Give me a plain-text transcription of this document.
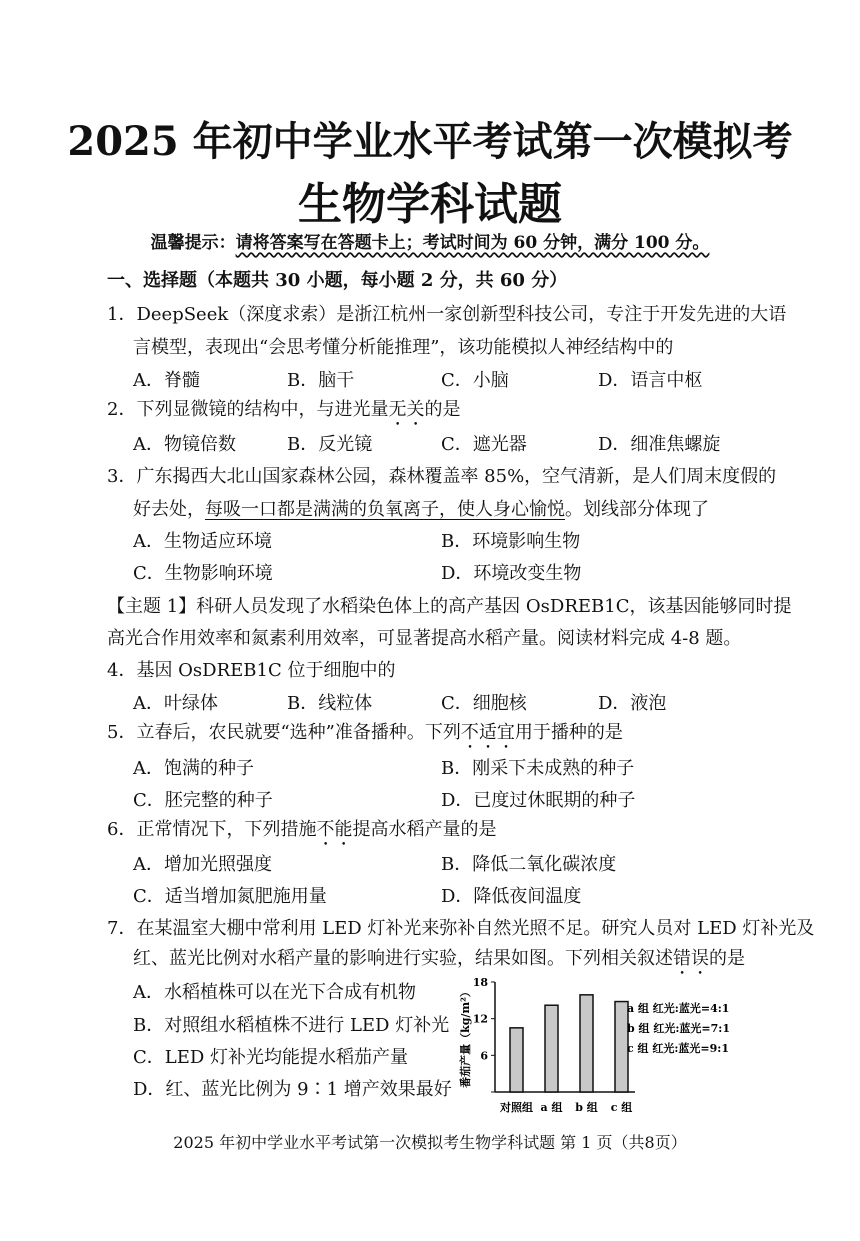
2025 年初中学业水平考试第一次模拟考
生物学科试题
温馨提示：请将答案写在答题卡上；考试时间为 60 分钟，满分 100 分。
一、选择题（本题共 30 小题，每小题 2 分，共 60 分）
1．DeepSeek（深度求索）是浙江杭州一家创新型科技公司，专注于开发先进的大语
言模型，表现出“会思考懂分析能推理”，该功能模拟人神经结构中的
A．脊髓	B．脑干	C．小脑	D．语言中枢
2．下列显微镜的结构中，与进光量无关的是
A．物镜倍数	B．反光镜	C．遮光器	D．细准焦螺旋
3．广东揭西大北山国家森林公园，森林覆盖率 85%，空气清新，是人们周末度假的
好去处，每吸一口都是满满的负氧离子，使人身心愉悦。划线部分体现了
A．生物适应环境	B．环境影响生物
C．生物影响环境	D．环境改变生物
【主题 1】科研人员发现了水稻染色体上的高产基因 OsDREB1C，该基因能够同时提
高光合作用效率和氮素利用效率，可显著提高水稻产量。阅读材料完成 4-8 题。
4．基因 OsDREB1C 位于细胞中的
A．叶绿体	B．线粒体	C．细胞核	D．液泡
5．立春后，农民就要“选种”准备播种。下列不适宜用于播种的是
A．饱满的种子	B．刚采下未成熟的种子
C．胚完整的种子	D．已度过休眠期的种子
6．正常情况下，下列措施不能提高水稻产量的是
A．增加光照强度	B．降低二氧化碳浓度
C．适当增加氮肥施用量	D．降低夜间温度
7．在某温室大棚中常利用 LED 灯补光来弥补自然光照不足。研究人员对 LED 灯补光及
红、蓝光比例对水稻产量的影响进行实验，结果如图。下列相关叙述错误的是
A．水稻植株可以在光下合成有机物
B．对照组水稻植株不进行 LED 灯补光
C．LED 灯补光均能提水稻茄产量
D．红、蓝光比例为 9∶1 增产效果最好
6
12
18
番茄产量（kg/m²）
对照组 a 组 b 组 c 组
a 组 红光:蓝光=4:1
b 组 红光:蓝光=7:1
c 组 红光:蓝光=9:1
2025 年初中学业水平考试第一次模拟考生物学科试题 第 1 页（共8页）
